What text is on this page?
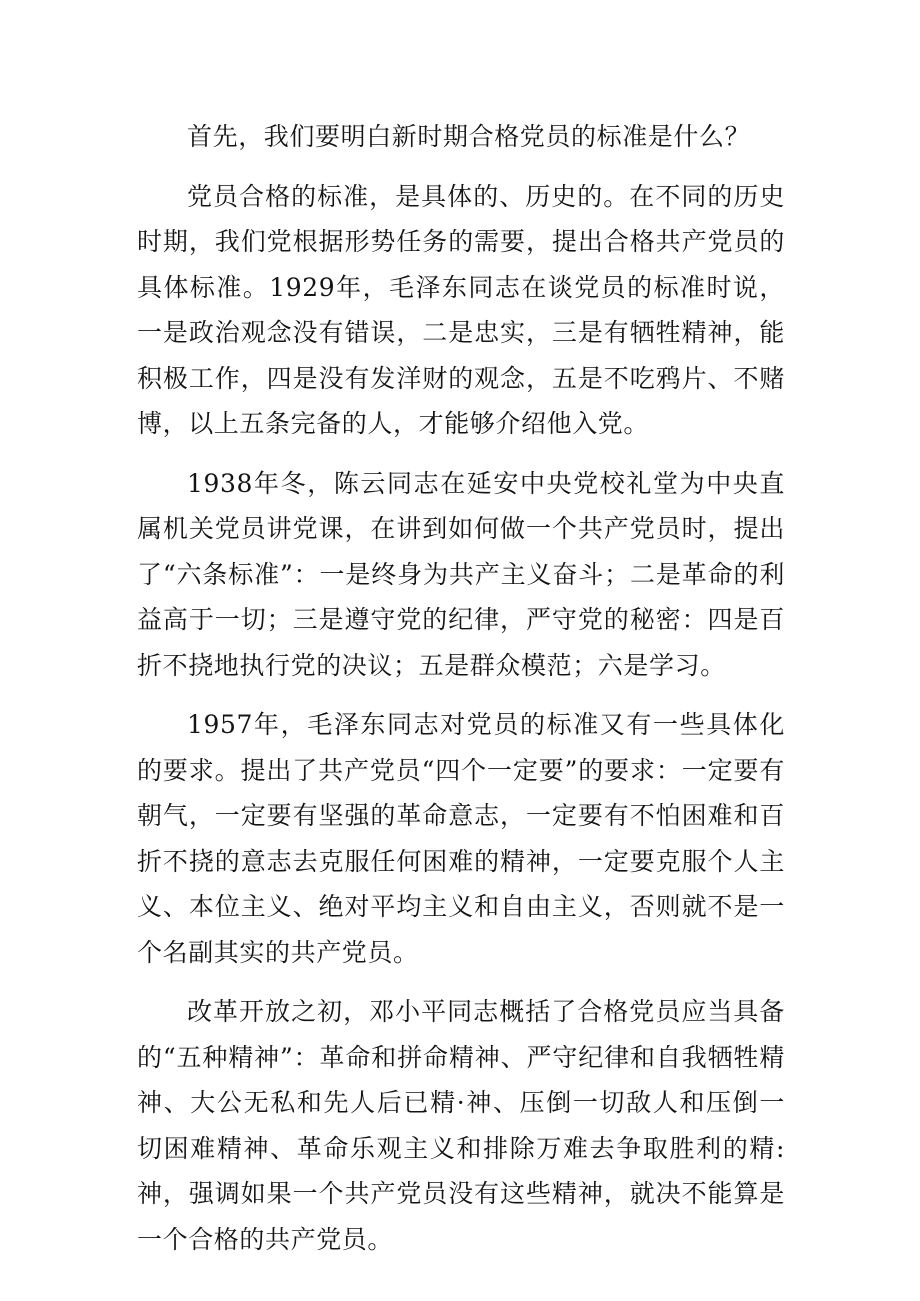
首先，我们要明白新时期合格党员的标准是什么？

党员合格的标准，是具体的、历史的。在不同的历史时期，我们党根据形势任务的需要，提出合格共产党员的具体标准。1929年，毛泽东同志在谈党员的标准时说，一是政治观念没有错误，二是忠实，三是有牺牲精神，能积极工作，四是没有发洋财的观念，五是不吃鸦片、不赌博，以上五条完备的人，才能够介绍他入党。

1938年冬，陈云同志在延安中央党校礼堂为中央直属机关党员讲党课，在讲到如何做一个共产党员时，提出了“六条标准”：一是终身为共产主义奋斗；二是革命的利益高于一切；三是遵守党的纪律，严守党的秘密：四是百折不挠地执行党的决议；五是群众模范；六是学习。

1957年，毛泽东同志对党员的标准又有一些具体化的要求。提出了共产党员“四个一定要”的要求：一定要有朝气，一定要有坚强的革命意志，一定要有不怕困难和百折不挠的意志去克服任何困难的精神，一定要克服个人主义、本位主义、绝对平均主义和自由主义，否则就不是一个名副其实的共产党员。

改革开放之初，邓小平同志概括了合格党员应当具备的“五种精神”：革命和拼命精神、严守纪律和自我牺牲精神、大公无私和先人后已精·神、压倒一切敌人和压倒一切困难精神、革命乐观主义和排除万难去争取胜利的精:神，强调如果一个共产党员没有这些精神，就决不能算是一个合格的共产党员。
